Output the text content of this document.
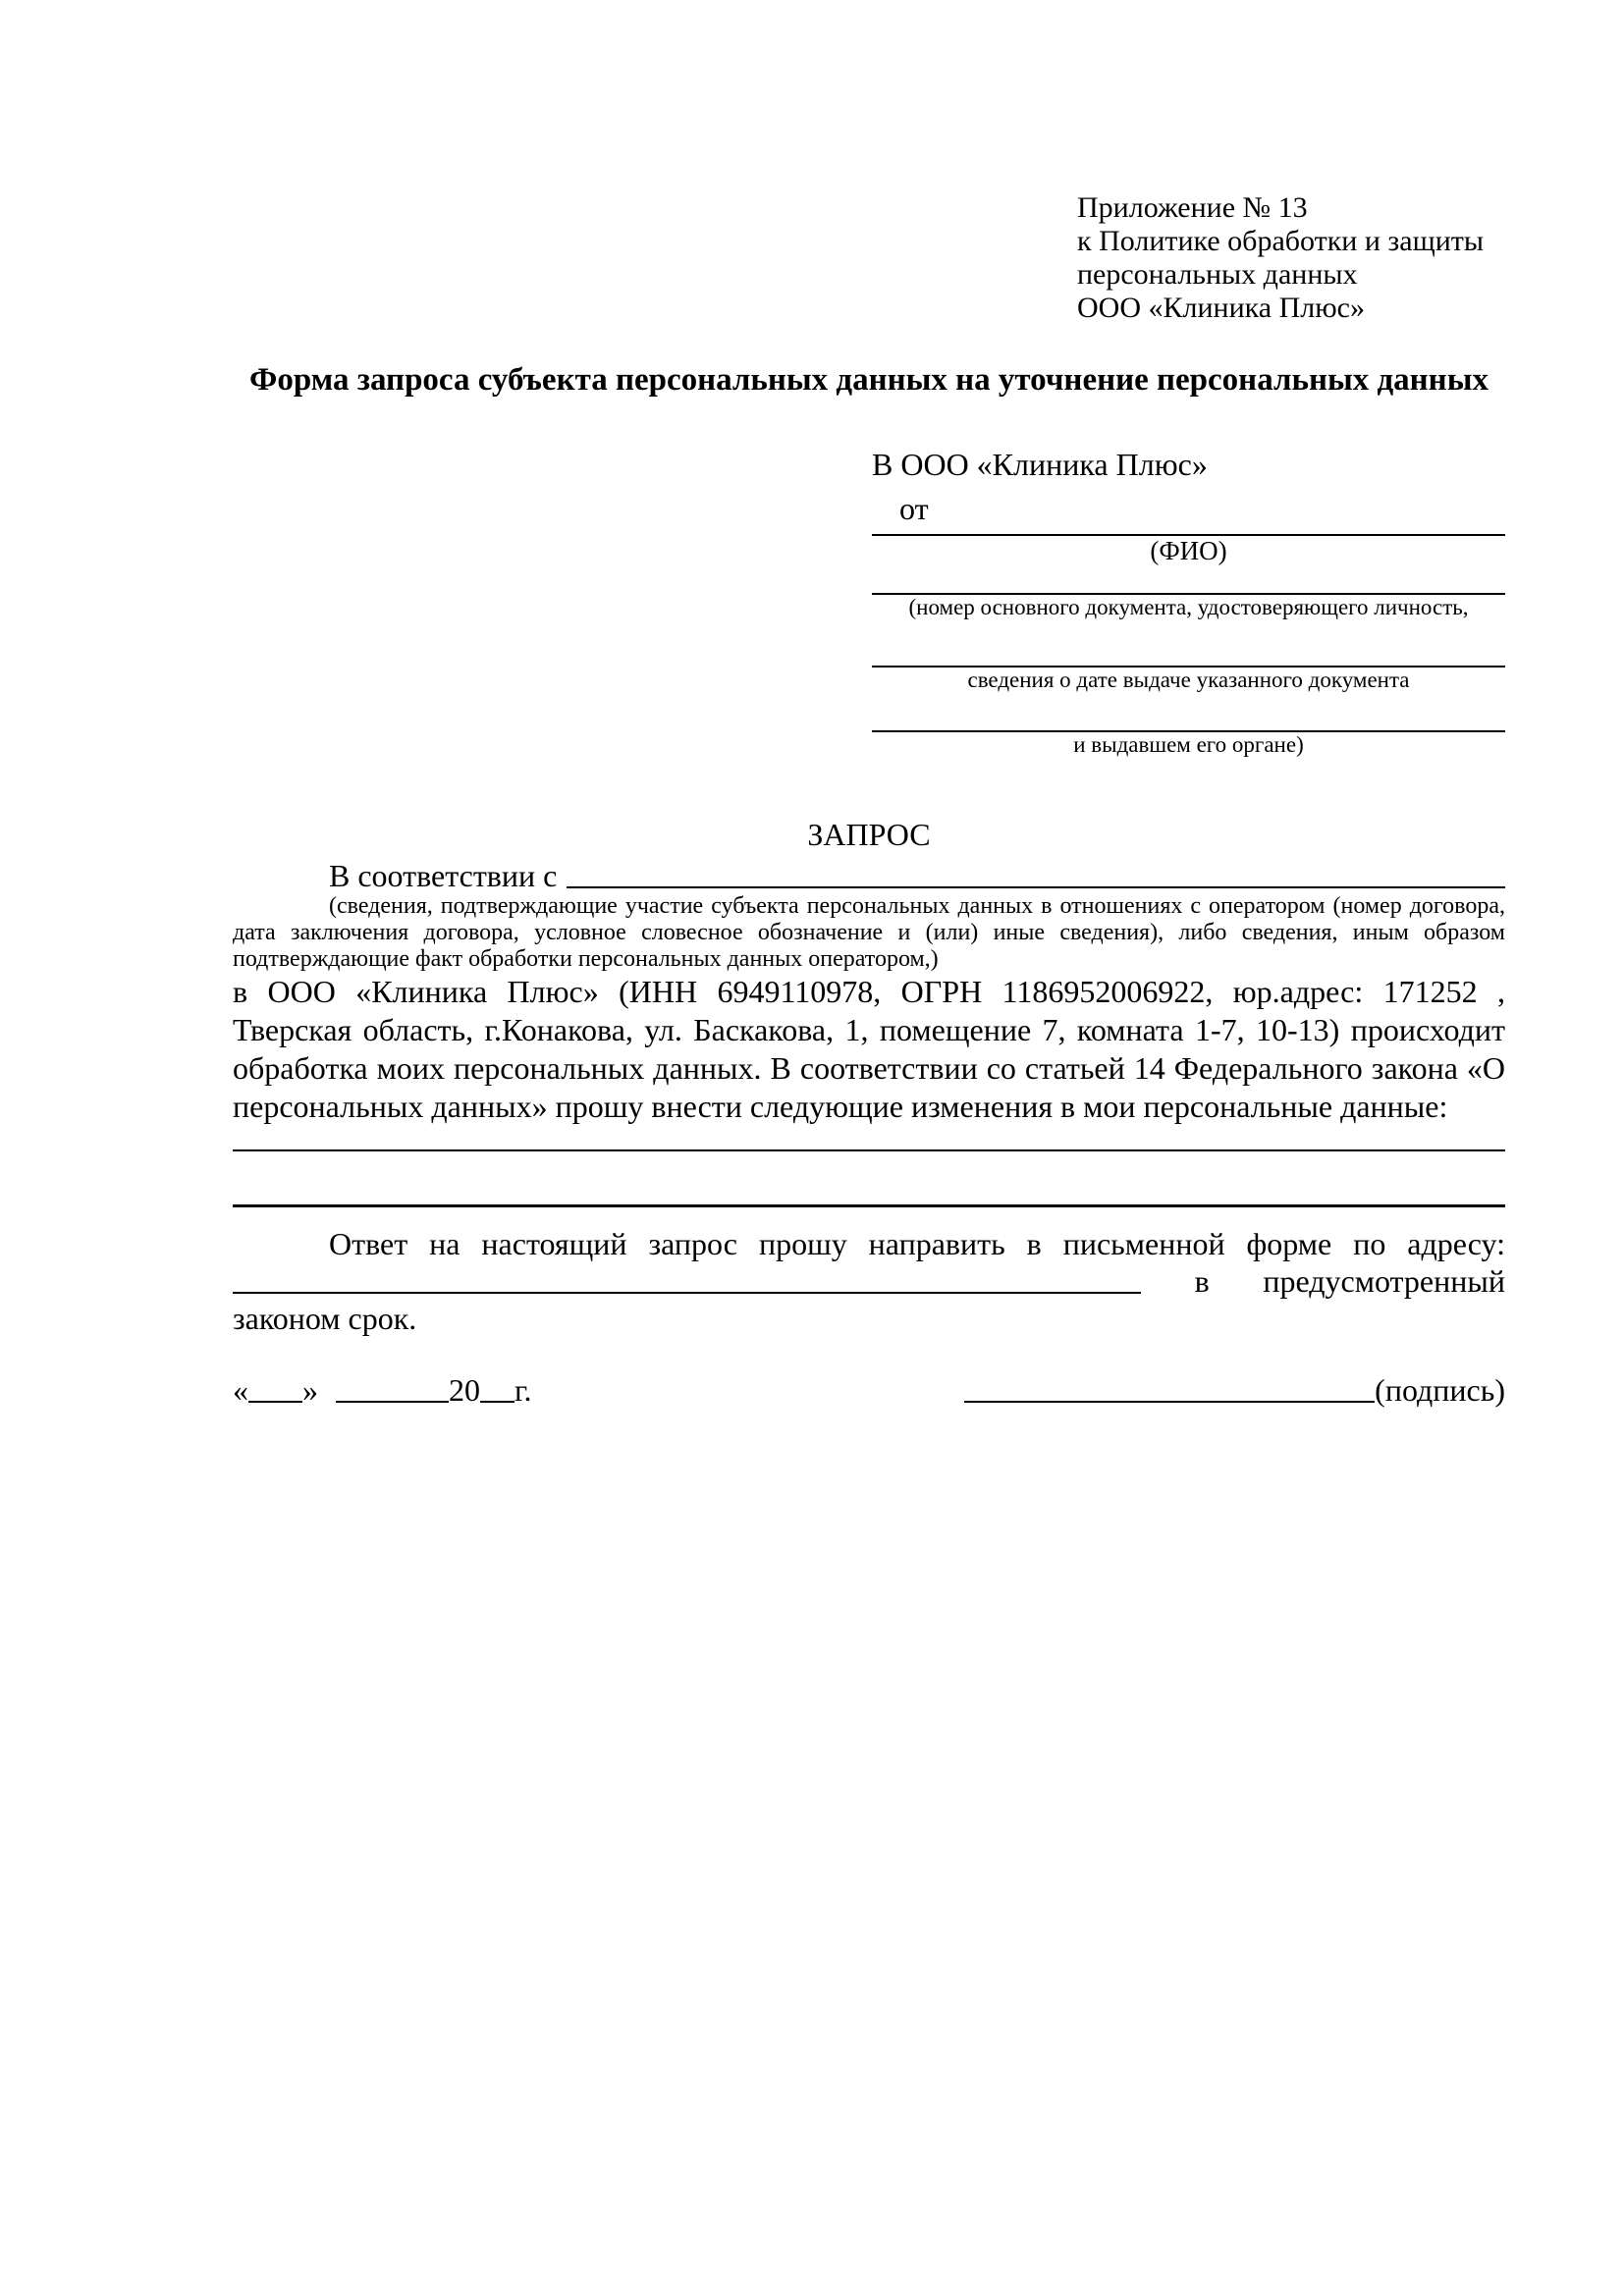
Приложение № 13
к Политике обработки и защиты
персональных данных
ООО «Клиника Плюс»
Форма запроса субъекта персональных данных на уточнение персональных данных
В ООО «Клиника Плюс»
от
(ФИО)
(номер основного документа, удостоверяющего личность,
сведения о дате выдаче указанного документа
и выдавшем его органе)
ЗАПРОС
В соответствии с
(сведения, подтверждающие участие субъекта персональных данных в отношениях с оператором (номер договора, дата заключения договора, условное словесное обозначение и (или) иные сведения), либо сведения, иным образом подтверждающие факт обработки персональных данных оператором,)
в ООО «Клиника Плюс» (ИНН 6949110978, ОГРН 1186952006922, юр.адрес: 171252 , Тверская область, г.Конакова, ул. Баскакова, 1, помещение 7, комната 1-7, 10-13) происходит обработка моих персональных данных. В соответствии со статьей 14 Федерального закона «О персональных данных» прошу внести следующие изменения в мои персональные данные:
Ответ на настоящий запрос прошу направить в письменной форме по адресу:
в предусмотренный
законом срок.
« »	20 г.	(подпись)
